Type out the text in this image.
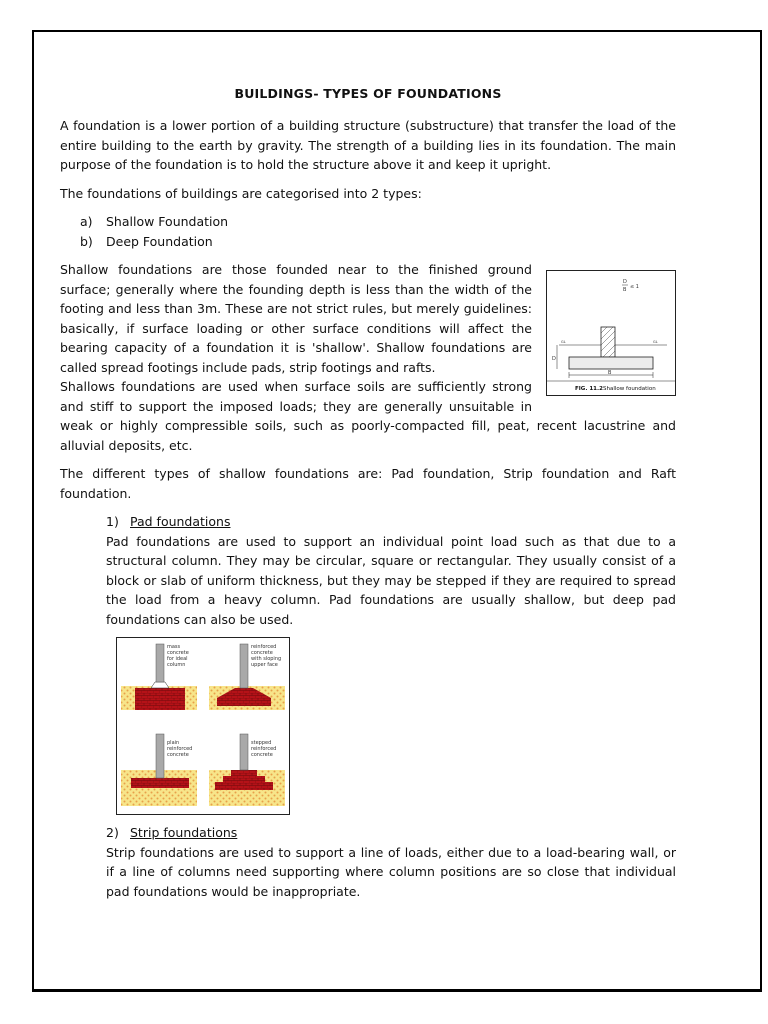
BUILDINGS- TYPES OF FOUNDATIONS

A foundation is a lower portion of a building structure (substructure) that transfer the load of the entire building to the earth by gravity. The strength of a building lies in its foundation. The main purpose of the foundation is to hold the structure above it and keep it upright.

The foundations of buildings are categorised into 2 types:

a) Shallow Foundation
b) Deep Foundation
D
B ≤ 1
GL	GL
D
B
FIG. 11.2 Shallow foundation

Shallow foundations are those founded near to the finished ground surface; generally where the founding depth is less than the width of the footing and less than 3m. These are not strict rules, but merely guidelines: basically, if surface loading or other surface conditions will affect the bearing capacity of a foundation it is 'shallow'. Shallow foundations are called spread footings include pads, strip footings and rafts.

Shallows foundations are used when surface soils are sufficiently strong and stiff to support the imposed loads; they are generally unsuitable in weak or highly compressible soils, such as poorly-compacted fill, peat, recent lacustrine and alluvial deposits, etc.

The different types of shallow foundations are: Pad foundation, Strip foundation and Raft foundation.

1) Pad foundations

Pad foundations are used to support an individual point load such as that due to a structural column. They may be circular, square or rectangular. They usually consist of a block or slab of uniform thickness, but they may be stepped if they are required to spread the load from a heavy column. Pad foundations are usually shallow, but deep pad foundations can also be used.

mass concrete for ideal column
reinforced concrete with sloping upper face
plain reinforced concrete
stepped reinforced concrete
2) Strip foundations

Strip foundations are used to support a line of loads, either due to a load-bearing wall, or if a line of columns need supporting where column positions are so close that individual pad foundations would be inappropriate.
